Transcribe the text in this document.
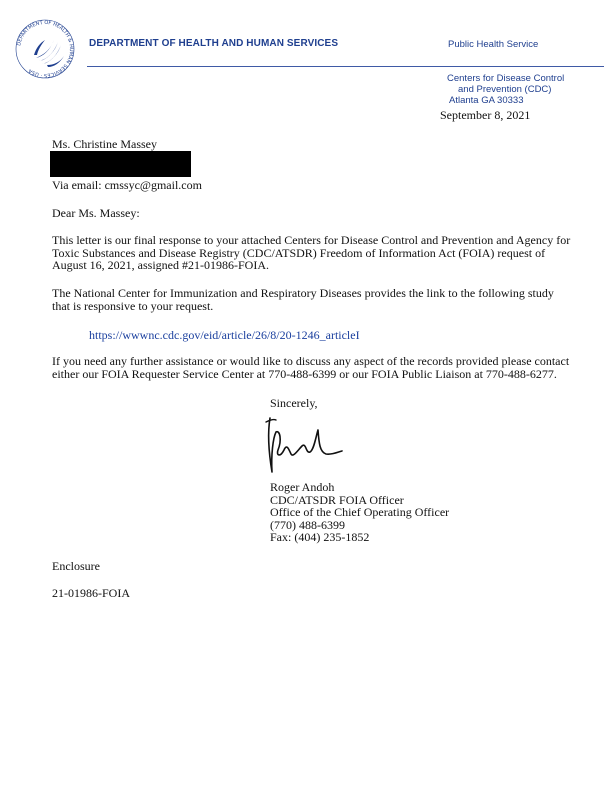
DEPARTMENT OF HEALTH & HUMAN SERVICES · USA
DEPARTMENT OF HEALTH AND HUMAN SERVICES	Public Health Service
Centers for Disease Control
and Prevention (CDC)
Atlanta GA 30333
September 8, 2021
Ms. Christine Massey
Via email: cmssyc@gmail.com
Dear Ms. Massey:
This letter is our final response to your attached Centers for Disease Control and Prevention and Agency for Toxic Substances and Disease Registry (CDC/ATSDR) Freedom of Information Act (FOIA) request of August 16, 2021, assigned #21-01986-FOIA.
The National Center for Immunization and Respiratory Diseases provides the link to the following study that is responsive to your request.
https://wwwnc.cdc.gov/eid/article/26/8/20-1246_articleI
If you need any further assistance or would like to discuss any aspect of the records provided please contact either our FOIA Requester Service Center at 770-488-6399 or our FOIA Public Liaison at 770-488-6277.
Sincerely,
Roger Andoh
CDC/ATSDR FOIA Officer
Office of the Chief Operating Officer
(770) 488-6399
Fax: (404) 235-1852
Enclosure
21-01986-FOIA
